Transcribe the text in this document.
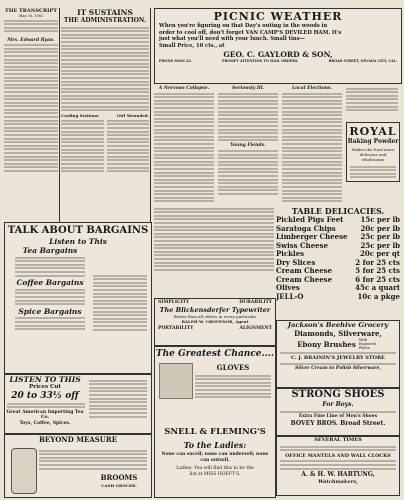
THE TRANSCRIPT
May 30, 1902
Mrs. Edward Ryan.
TALK ABOUT BARGAINS
Listen to This
Tea Bargains
Coffee Bargains
Spice Bargains
LISTEN TO THIS
Prices Cut
20 to 33½ off
Great American Importing Tea Co.
Toys, Coffee, Spices.
BEYOND MEASURE
BROOMS
CASH GROCER.
IT SUSTAINS
THE ADMINISTRATION.
Cooling Stations.	Girl Wounded.
PICNIC WEATHER
When you're figuring on that Day's outing in the woods in
order to cool off, don't forget VAN CAMP'S DEVILED HAM. It's
just what you'll need with your lunch. Small tins—
Small Price, 10 cts., at
GEO. C. GAYLORD & SON,
PHONE MAIN 32.	PROMPT ATTENTION TO MAIL ORDERS.	BROAD STREET, NEVADA CITY, CAL.
A Nervous Collapse.	Seriously Ill.
Young Fiends.
Local Elections.
ROYAL
Baking Powder
Makes the food more delicious and wholesome
TABLE DELICACIES.
Pickled Pigs Feet 15c per lb
Saratoga Chips	20c per lb
Limberger Cheese 25c per lb
Swiss Cheese	25c per lb
Pickles	20c per qt
Dry Slices	2 for 25 cts
Cream Cheese	5 for 25 cts
Cream Cheese	6 for 25 cts
Olives	45c a quart
JELL-O	10c a pkge
SIMPLICITY	DURABILITY
The Blickensderfer Typewriter
Better than all others in every particular
RALPH W. GROVENOR, Agent
PORTABILITY	ALIGNMENT
The Greatest Chance....
GLOVES
SNELL & FLEMING'S
To the Ladies:
None can excell; none can undersell; none can outsell.
Ladies: You will find this to be the
list at MISS HOEFT'S.
Jackson's Beehive Grocery
Diamonds, Silverware,
Ebony Brushes With Engraved Plates
C. J. BRAININ'S JEWELRY STORE
Silver Cream to Polish Silverware,
STRONG SHOES
For Boys.
Extra Fine Line of Men's Shoes
BOVEY BROS. Broad Street.
SEVERAL TIMES
OFFICE MANTELS AND WALL CLOCKS
A. & H. W. HARTUNG,
Watchmakers,
